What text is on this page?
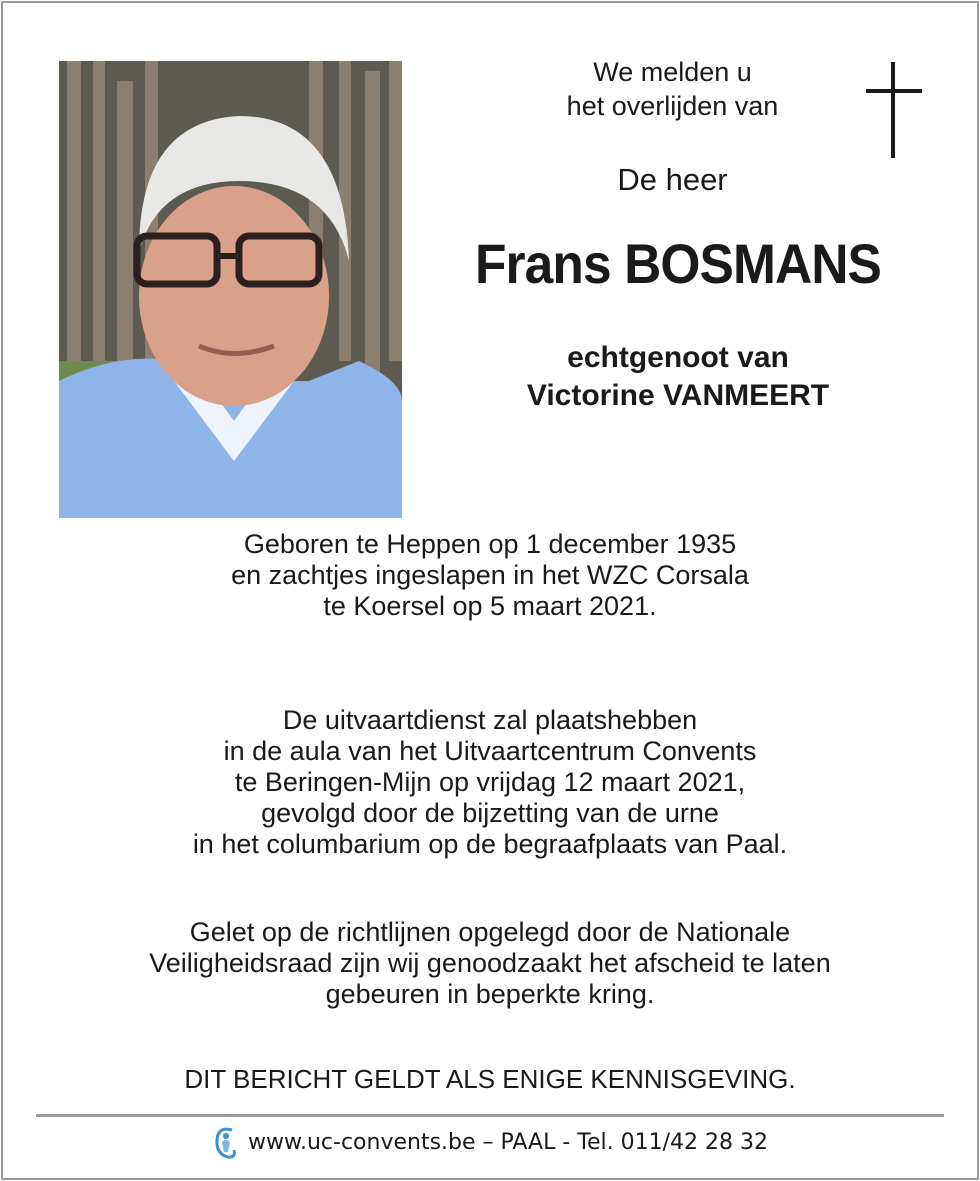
We melden u
het overlijden van
De heer
Frans BOSMANS
echtgenoot van
Victorine VANMEERT
Geboren te Heppen op 1 december 1935
en zachtjes ingeslapen in het WZC Corsala
te Koersel op 5 maart 2021.
De uitvaartdienst zal plaatshebben
in de aula van het Uitvaartcentrum Convents
te Beringen-Mijn op vrijdag 12 maart 2021,
gevolgd door de bijzetting van de urne
in het columbarium op de begraafplaats van Paal.
Gelet op de richtlijnen opgelegd door de Nationale
Veiligheidsraad zijn wij genoodzaakt het afscheid te laten
gebeuren in beperkte kring.
DIT BERICHT GELDT ALS ENIGE KENNISGEVING.
www.uc-convents.be – PAAL - Tel. 011/42 28 32
